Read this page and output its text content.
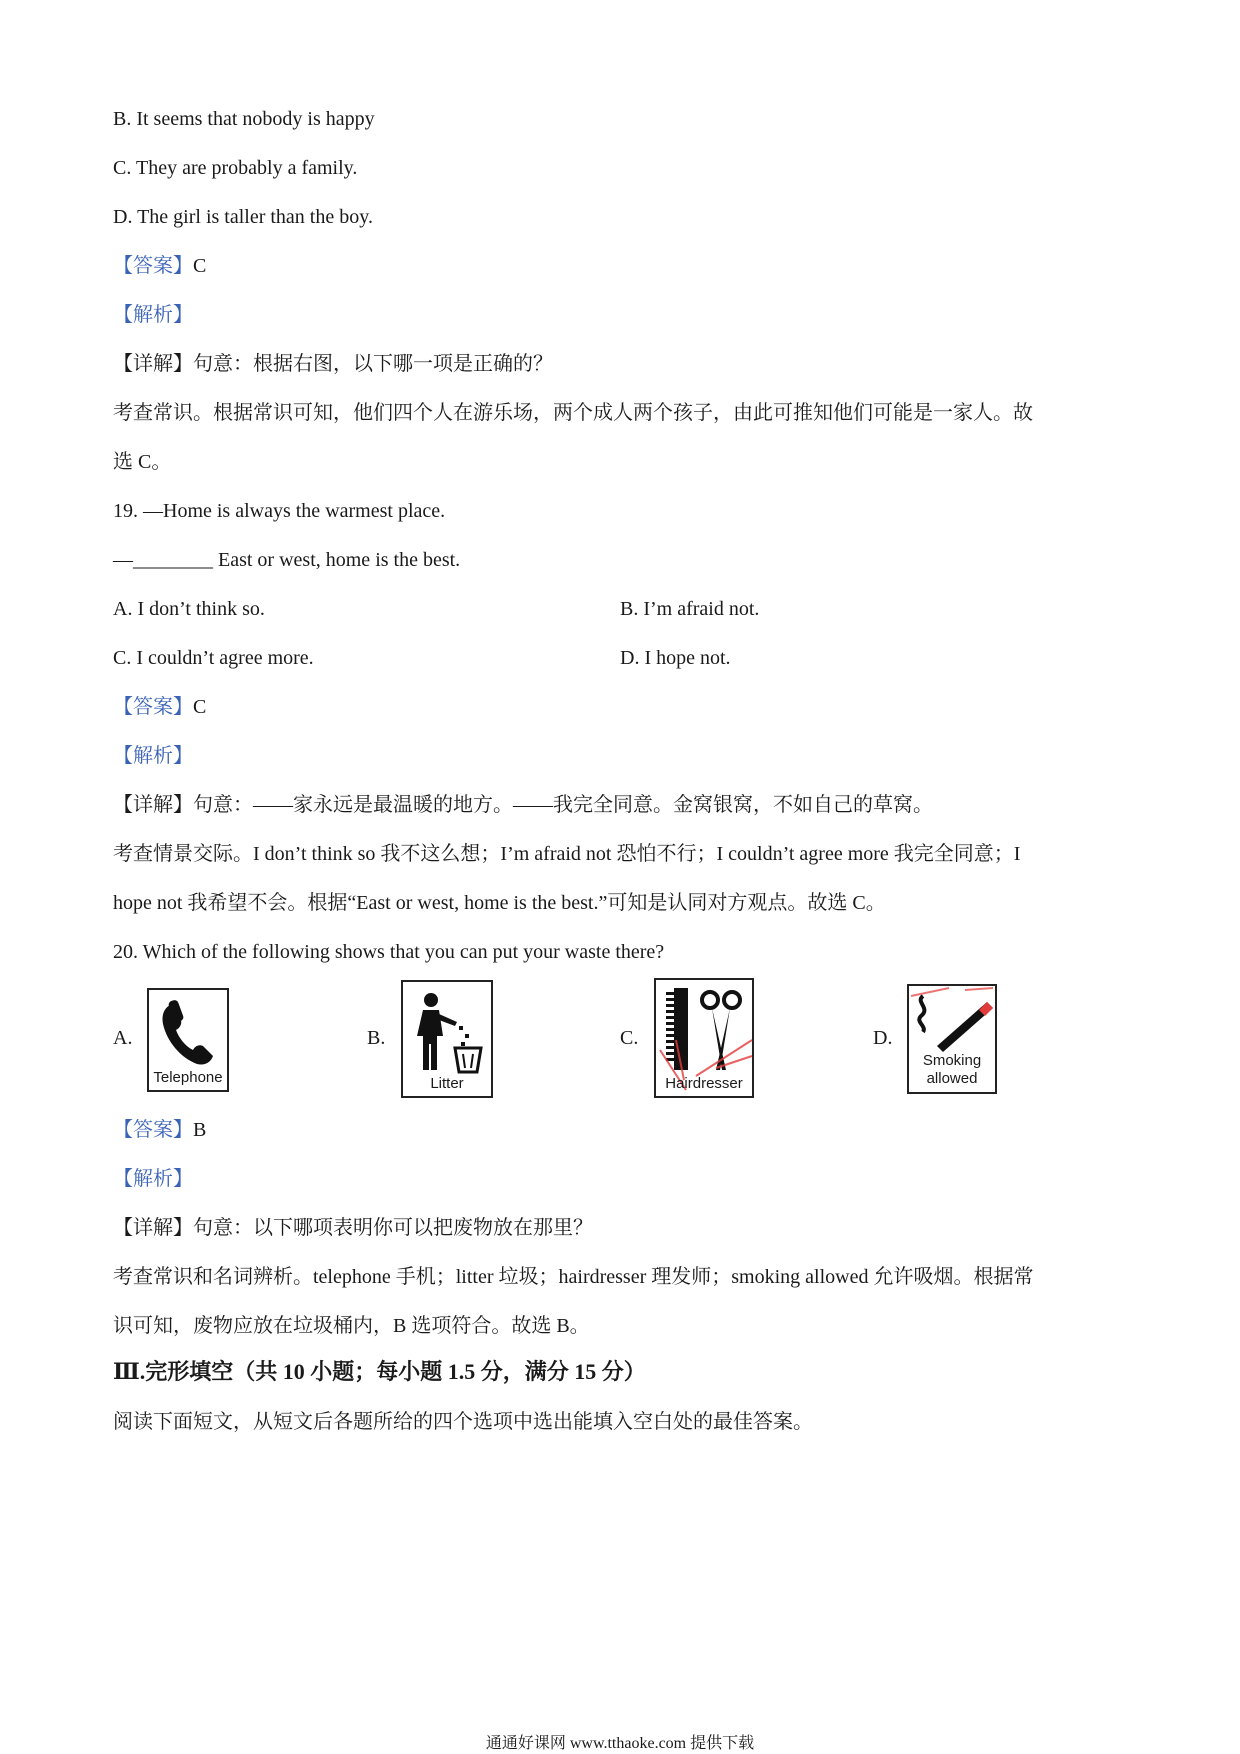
B. It seems that nobody is happy
C. They are probably a family.
D. The girl is taller than the boy.
【答案】C
【解析】
【详解】句意：根据右图，以下哪一项是正确的？
考查常识。根据常识可知，他们四个人在游乐场，两个成人两个孩子，由此可推知他们可能是一家人。故
选 C。
19. —Home is always the warmest place.
—________ East or west, home is the best.
A. I don’t think so.	B. I’m afraid not.
C. I couldn’t agree more.	D. I hope not.
【答案】C
【解析】
【详解】句意：——家永远是最温暖的地方。——我完全同意。金窝银窝，不如自己的草窝。
考查情景交际。I don’t think so 我不这么想；I’m afraid not 恐怕不行；I couldn’t agree more 我完全同意；I
hope not 我希望不会。根据“East or west, home is the best.”可知是认同对方观点。故选 C。
20. Which of the following shows that you can put your waste there?
A.
Telephone
B.
Litter
C.
Hairdresser
D.
Smoking
allowed
【答案】B
【解析】
【详解】句意：以下哪项表明你可以把废物放在那里？
考查常识和名词辨析。telephone 手机；litter 垃圾；hairdresser 理发师；smoking allowed 允许吸烟。根据常
识可知，废物应放在垃圾桶内，B 选项符合。故选 B。
Ⅲ.完形填空（共 10 小题；每小题 1.5 分，满分 15 分）
阅读下面短文，从短文后各题所给的四个选项中选出能填入空白处的最佳答案。
通通好课网 www.tthaoke.com 提供下载
